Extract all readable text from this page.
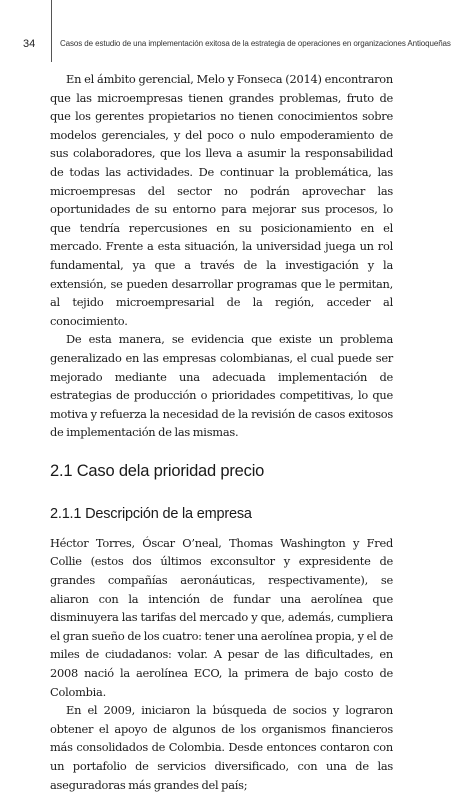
34	Casos de estudio de una implementación exitosa de la estrategia de operaciones en organizaciones Antioqueñas

En el ámbito gerencial, Melo y Fonseca (2014) encontraron que las microempresas tienen grandes problemas, fruto de que los gerentes propietarios no tienen conocimientos sobre modelos gerenciales, y del poco o nulo empoderamiento de sus colaboradores, que los lleva a asumir la responsabilidad de todas las actividades. De continuar la problemática, las microempresas del sector no podrán aprovechar las oportunidades de su entorno para mejorar sus procesos, lo que tendría repercusiones en su posicionamiento en el mercado. Frente a esta situación, la universidad juega un rol fundamental, ya que a través de la investigación y la extensión, se pueden desarrollar programas que le permitan, al tejido microempresarial de la región, acceder al conocimiento.

De esta manera, se evidencia que existe un problema generalizado en las empresas colombianas, el cual puede ser mejorado mediante una adecuada implementación de estrategias de producción o prioridades competitivas, lo que motiva y refuerza la necesidad de la revisión de casos exitosos de implementación de las mismas.

2.1 Caso dela prioridad precio
2.1.1 Descripción de la empresa

Héctor Torres, Óscar O’neal, Thomas Washington y Fred Collie (estos dos últimos exconsultor y expresidente de grandes compañías aeronáuticas, respectivamente), se aliaron con la intención de fundar una aerolínea que disminuyera las tarifas del mercado y que, además, cumpliera el gran sueño de los cuatro: tener una aerolínea propia, y el de miles de ciudadanos: volar. A pesar de las dificultades, en 2008 nació la aerolínea ECO, la primera de bajo costo de Colombia.

En el 2009, iniciaron la búsqueda de socios y lograron obtener el apoyo de algunos de los organismos financieros más consolidados de Colombia. Desde entonces contaron con un portafolio de servicios diversificado, con una de las aseguradoras más grandes del país;
